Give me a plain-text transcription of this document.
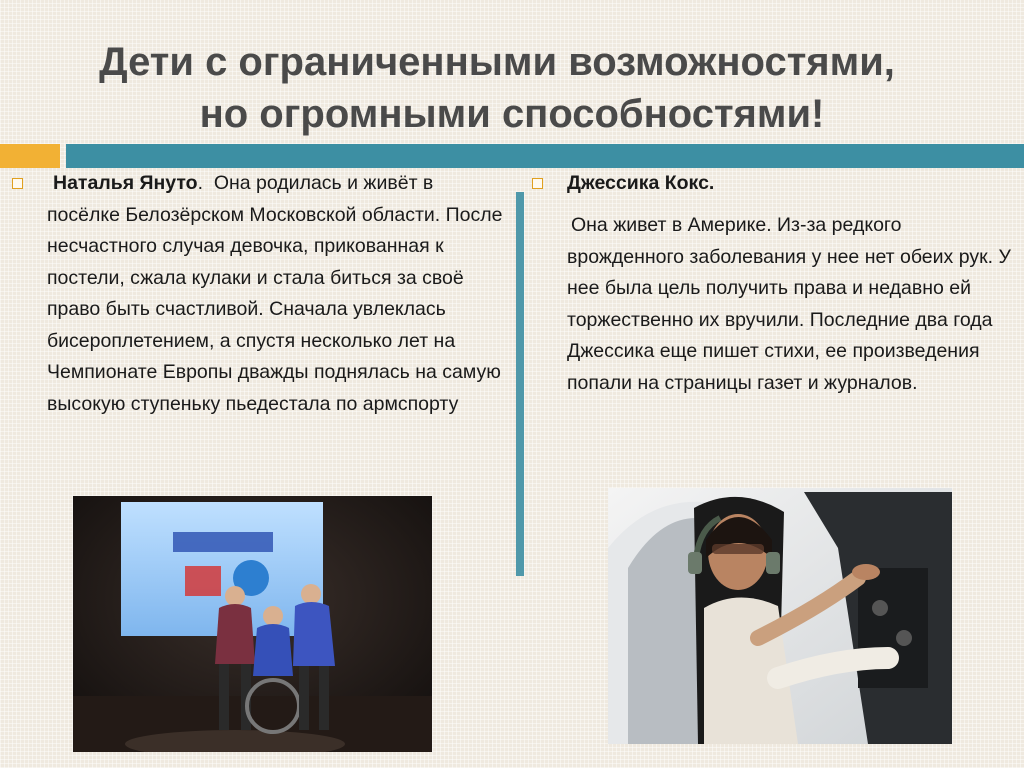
Дети с ограниченными возможностями,
но огромными способностями!

Наталья Януто. Она родилась и живёт в посёлке Белозёрском Московской области. После несчастного случая девочка, прикованная к постели, сжала кулаки и стала биться за своё право быть счастливой. Сначала увлеклась бисероплетением, а спустя несколько лет на Чемпионате Европы дважды поднялась на самую высокую ступеньку пьедестала по армспорту

Джессика Кокс.

Она живет в Америке. Из-за редкого врожденного заболевания у нее нет обеих рук. У нее была цель получить права и недавно ей торжественно их вручили. Последние два года Джессика еще пишет стихи, ее произведения попали на страницы газет и журналов.
